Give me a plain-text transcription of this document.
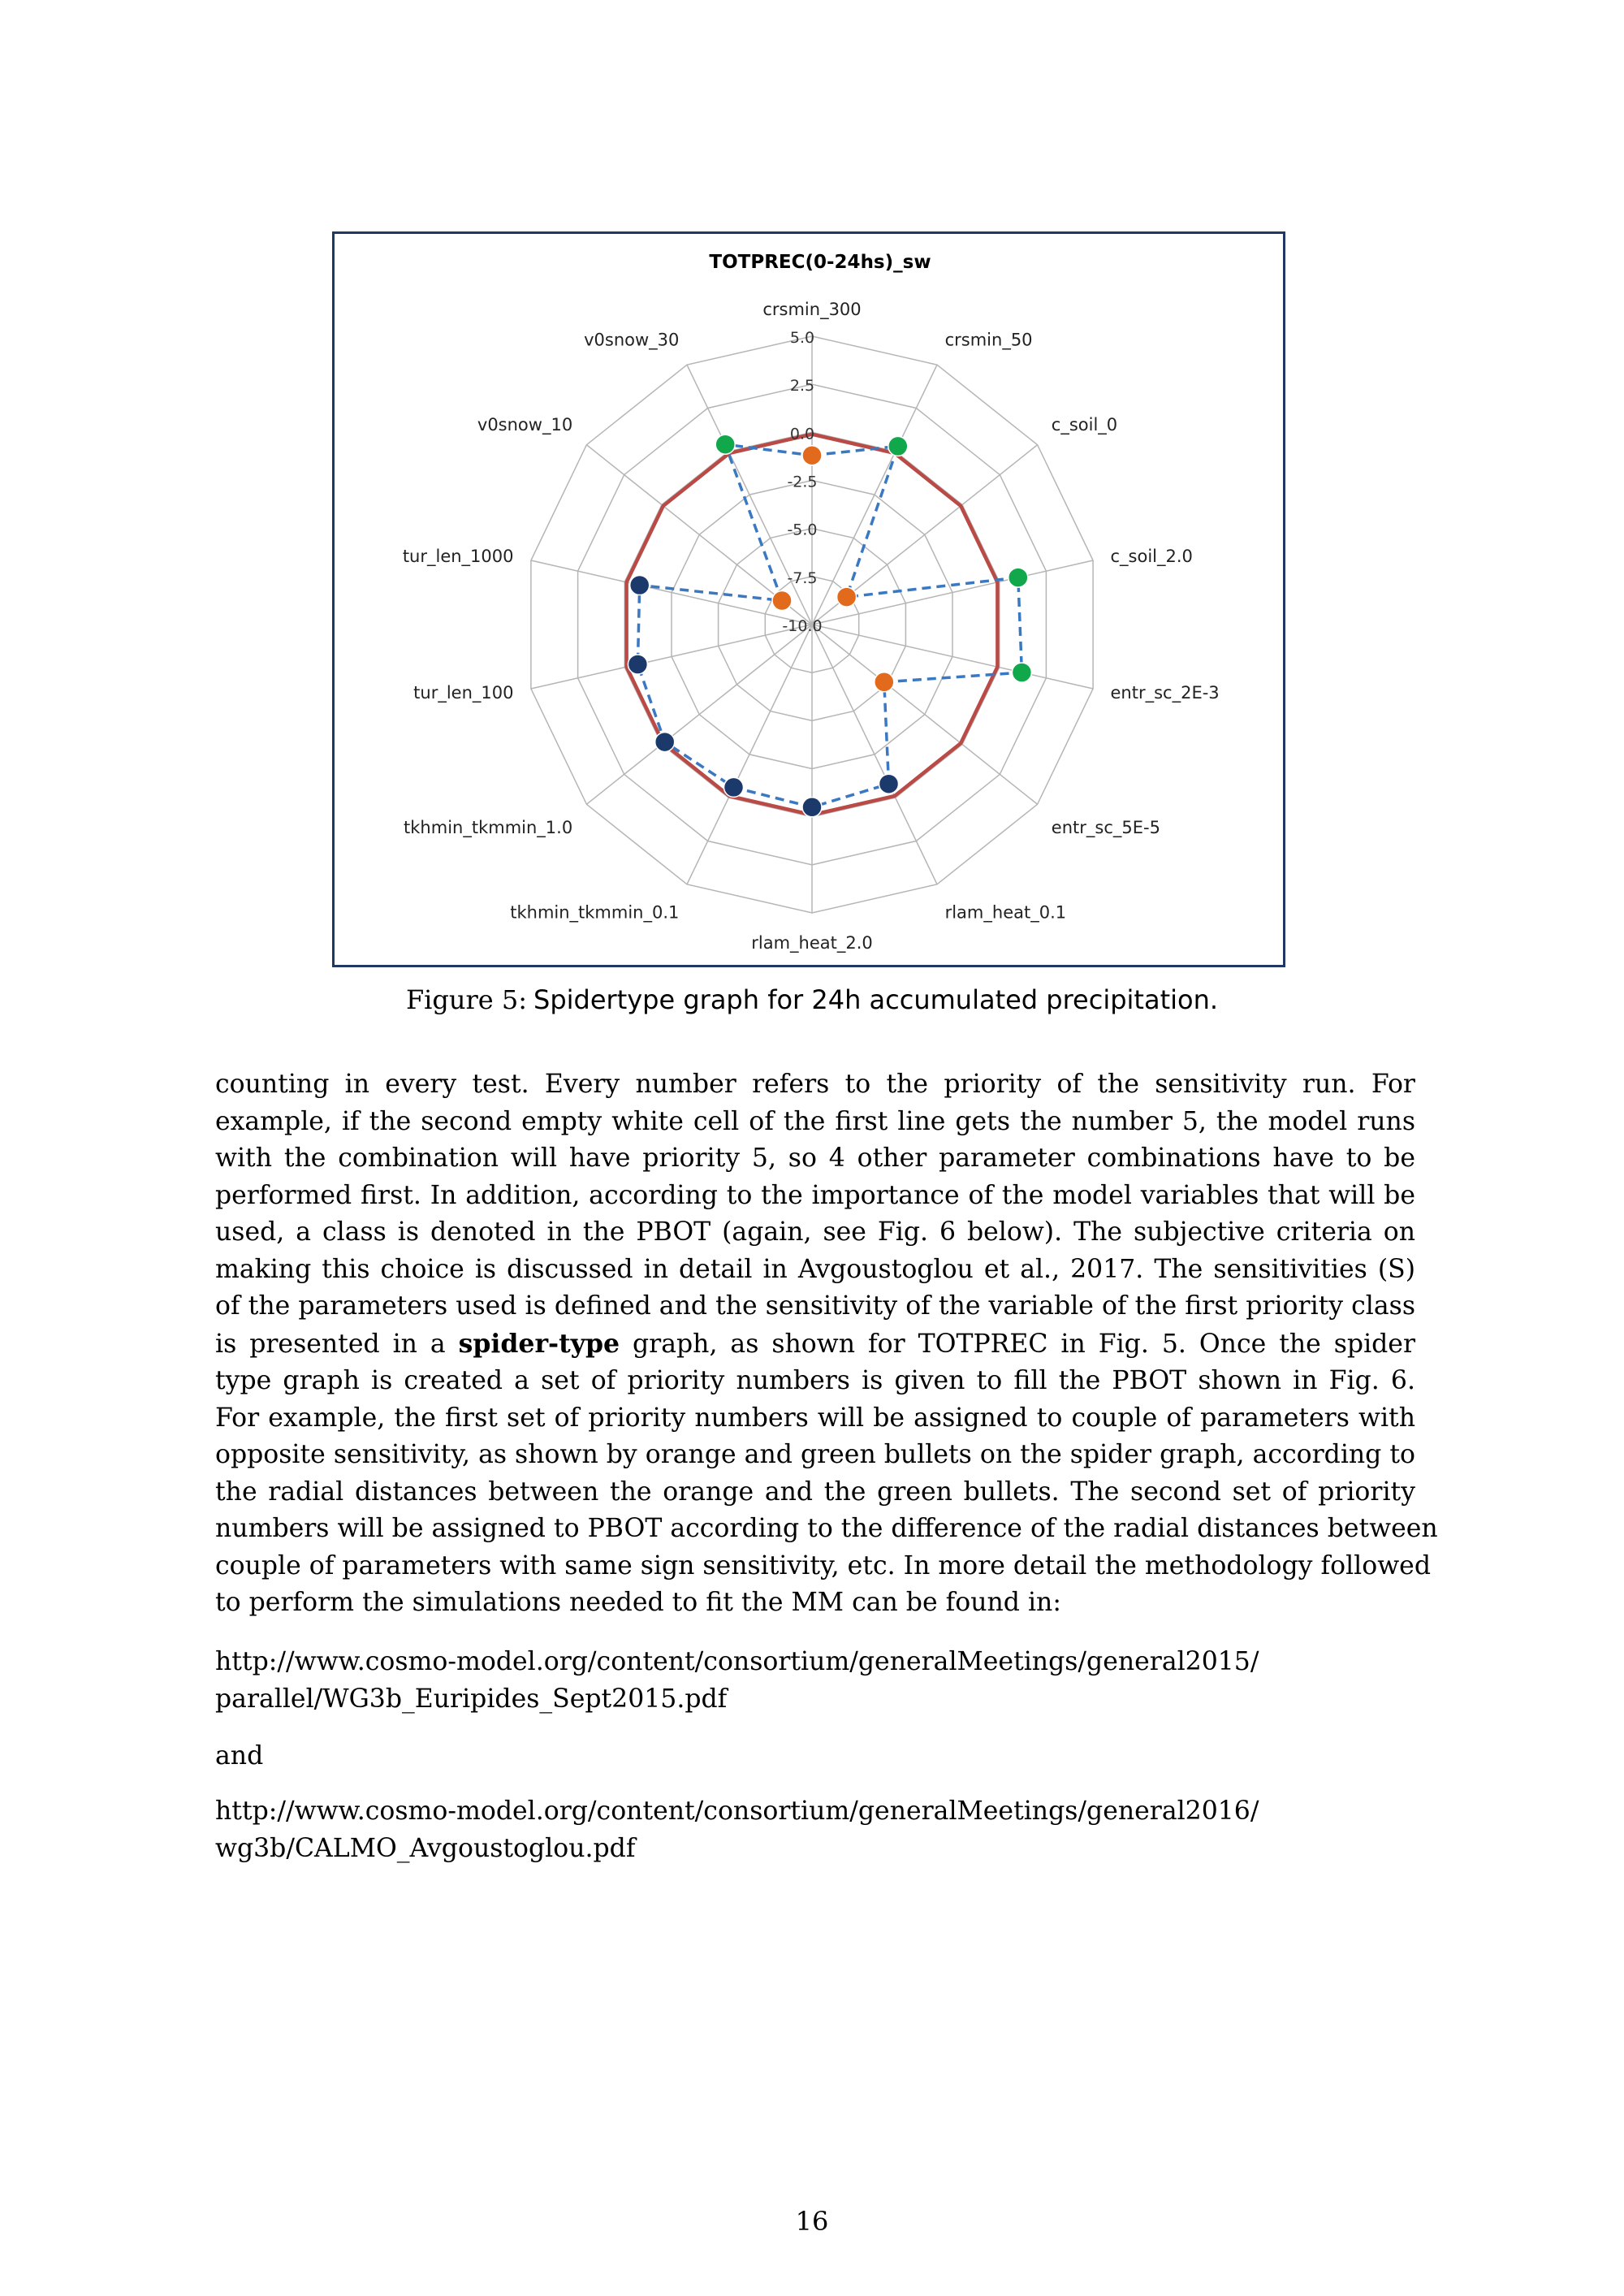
5.0
2.5
0.0
-2.5
-5.0
-7.5
-10.0
crsmin_300
crsmin_50
c_soil_0
c_soil_2.0
entr_sc_2E-3
entr_sc_5E-5
rlam_heat_0.1
rlam_heat_2.0
tkhmin_tkmmin_0.1
tkhmin_tkmmin_1.0
tur_len_100
tur_len_1000
v0snow_10
v0snow_30
TOTPREC(0-24hs)_sw
Figure 5: Spidertype graph for 24h accumulated precipitation.
counting in every test. Every number refers to the priority of the sensitivity run. For
example, if the second empty white cell of the first line gets the number 5, the model runs
with the combination will have priority 5, so 4 other parameter combinations have to be
performed first. In addition, according to the importance of the model variables that will be
used, a class is denoted in the PBOT (again, see Fig. 6 below). The subjective criteria on
making this choice is discussed in detail in Avgoustoglou et al., 2017. The sensitivities (S)
of the parameters used is defined and the sensitivity of the variable of the first priority class
is presented in a spider-type graph, as shown for TOTPREC in Fig. 5. Once the spider
type graph is created a set of priority numbers is given to fill the PBOT shown in Fig. 6.
For example, the first set of priority numbers will be assigned to couple of parameters with
opposite sensitivity, as shown by orange and green bullets on the spider graph, according to
the radial distances between the orange and the green bullets. The second set of priority
numbers will be assigned to PBOT according to the difference of the radial distances between
couple of parameters with same sign sensitivity, etc. In more detail the methodology followed
to perform the simulations needed to fit the MM can be found in:
http://www.cosmo-model.org/content/consortium/generalMeetings/general2015/
parallel/WG3b_Euripides_Sept2015.pdf
and
http://www.cosmo-model.org/content/consortium/generalMeetings/general2016/
wg3b/CALMO_Avgoustoglou.pdf
16
